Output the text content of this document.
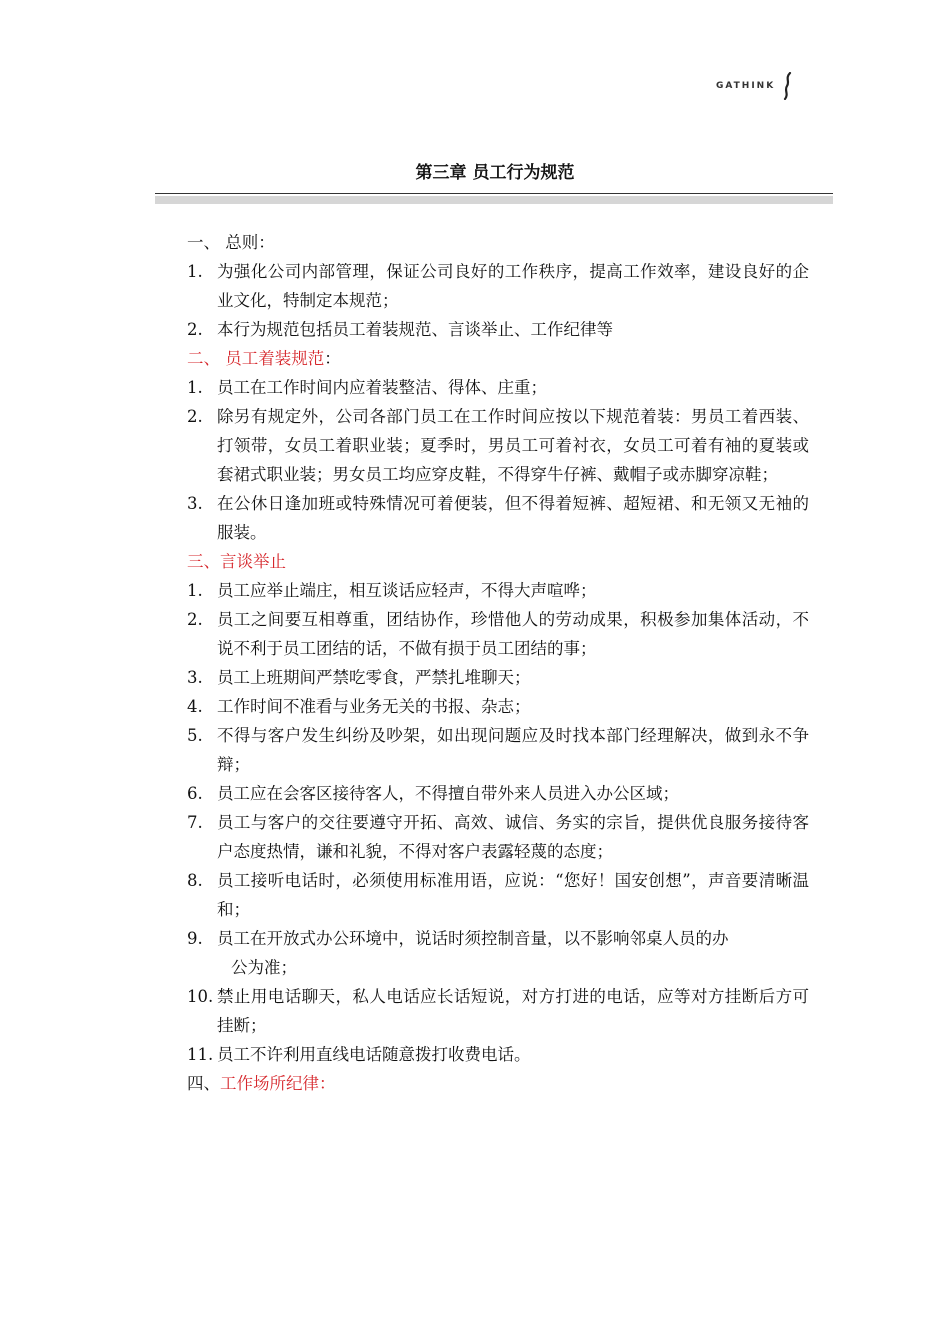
GATHINK
第三章 员工行为规范
一、 总则：
1. 为强化公司内部管理，保证公司良好的工作秩序，提高工作效率，建设良好的企业文化，特制定本规范；
2. 本行为规范包括员工着装规范、言谈举止、工作纪律等
二、 员工着装规范：
1. 员工在工作时间内应着装整洁、得体、庄重；
2. 除另有规定外，公司各部门员工在工作时间应按以下规范着装：男员工着西装、打领带，女员工着职业装；夏季时，男员工可着衬衣，女员工可着有袖的夏装或套裙式职业装；男女员工均应穿皮鞋，不得穿牛仔裤、戴帽子或赤脚穿凉鞋；
3. 在公休日逢加班或特殊情况可着便装，但不得着短裤、超短裙、和无领又无袖的服装。
三、言谈举止
1. 员工应举止端庄，相互谈话应轻声，不得大声喧哗；
2. 员工之间要互相尊重，团结协作，珍惜他人的劳动成果，积极参加集体活动，不说不利于员工团结的话，不做有损于员工团结的事；
3. 员工上班期间严禁吃零食，严禁扎堆聊天；
4. 工作时间不准看与业务无关的书报、杂志；
5. 不得与客户发生纠纷及吵架，如出现问题应及时找本部门经理解决，做到永不争辩；
6. 员工应在会客区接待客人，不得擅自带外来人员进入办公区域；
7. 员工与客户的交往要遵守开拓、高效、诚信、务实的宗旨，提供优良服务接待客户态度热情，谦和礼貌，不得对客户表露轻蔑的态度；
8. 员工接听电话时，必须使用标准用语，应说：“您好！国安创想”，声音要清晰温和；
9. 员工在开放式办公环境中，说话时须控制音量，以不影响邻桌人员的办
公为准；
10. 禁止用电话聊天，私人电话应长话短说，对方打进的电话，应等对方挂断后方可挂断；
11. 员工不许利用直线电话随意拨打收费电话。
四、工作场所纪律：
